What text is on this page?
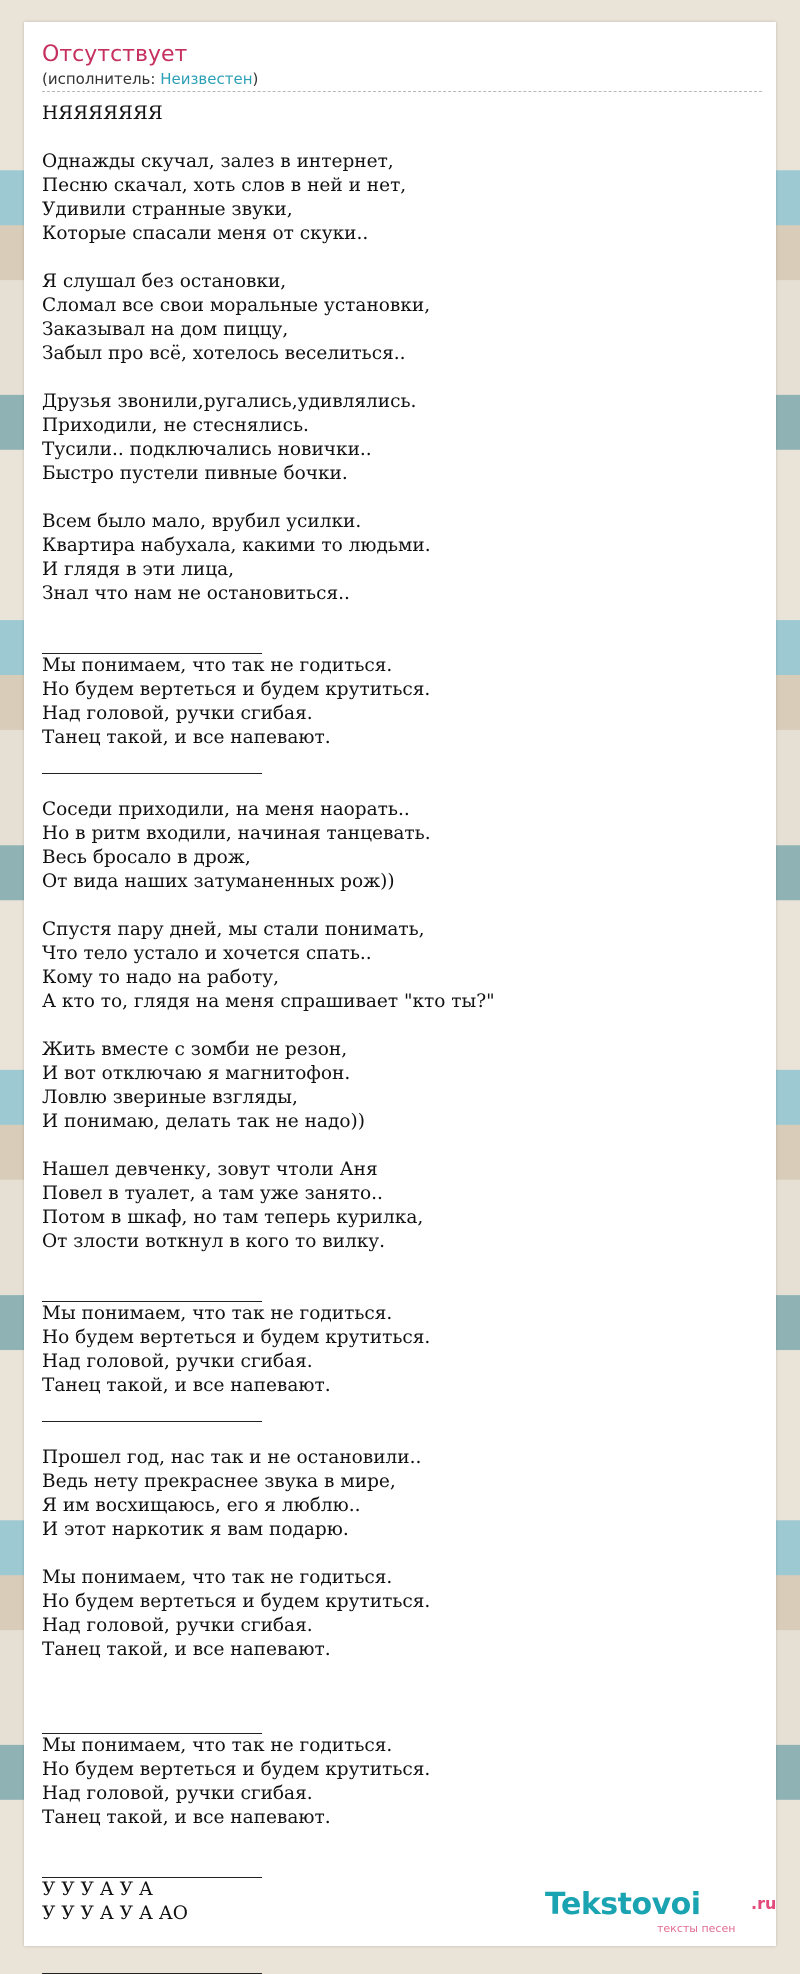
Отсутствует
(исполнитель: Неизвестен)
НЯЯЯЯЯЯЯ
Однажды скучал, залез в интернет,
Песню скачал, хоть слов в ней и нет,
Удивили странные звуки,
Которые спасали меня от скуки..
Я слушал без остановки,
Сломал все свои моральные установки,
Заказывал на дом пиццу,
Забыл про всё, хотелось веселиться..
Друзья звонили,ругались,удивлялись.
Приходили, не стеснялись.
Тусили.. подключались новички..
Быстро пустели пивные бочки.
Всем было мало, врубил усилки.
Квартира набухала, какими то людьми.
И глядя в эти лица,
Знал что нам не остановиться..
Мы понимаем, что так не годиться.
Но будем вертеться и будем крутиться.
Над головой, ручки сгибая.
Танец такой, и все напевают.
Соседи приходили, на меня наорать..
Но в ритм входили, начиная танцевать.
Весь бросало в дрож,
От вида наших затуманенных рож))
Спустя пару дней, мы стали понимать,
Что тело устало и хочется спать..
Кому то надо на работу,
А кто то, глядя на меня спрашивает "кто ты?"
Жить вместе с зомби не резон,
И вот отключаю я магнитофон.
Ловлю звериные взгляды,
И понимаю, делать так не надо))
Нашел девченку, зовут чтоли Аня
Повел в туалет, а там уже занято..
Потом в шкаф, но там теперь курилка,
От злости воткнул в кого то вилку.
Мы понимаем, что так не годиться.
Но будем вертеться и будем крутиться.
Над головой, ручки сгибая.
Танец такой, и все напевают.
Прошел год, нас так и не остановили..
Ведь нету прекраснее звука в мире,
Я им восхищаюсь, его я люблю..
И этот наркотик я вам подарю.
Мы понимаем, что так не годиться.
Но будем вертеться и будем крутиться.
Над головой, ручки сгибая.
Танец такой, и все напевают.
Мы понимаем, что так не годиться.
Но будем вертеться и будем крутиться.
Над головой, ручки сгибая.
Танец такой, и все напевают.
У У У А У А
У У У А У А АО	Tekstovoi	.ru
тексты песен
